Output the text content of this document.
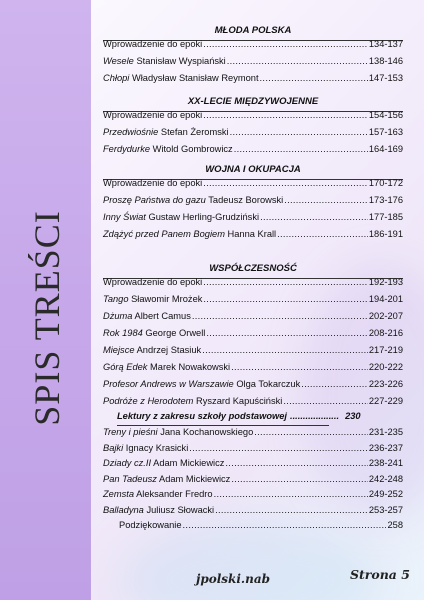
SPIS TREŚCI
MŁODA POLSKA
Wprowadzenie do epoki .....	134-137
Wesele Stanisław Wyspiański .....	138-146
Chłopi Władysław Stanisław Reymont .....	147-153
XX-LECIE MIĘDZYWOJENNE
Wprowadzenie do epoki .....	154-156
Przedwiośnie Stefan Żeromski .....	157-163
Ferdydurke Witold Gombrowicz .....	164-169
WOJNA I OKUPACJA
Wprowadzenie do epoki .....	170-172
Proszę Państwa do gazu Tadeusz Borowski .....	173-176
Inny Świat Gustaw Herling-Grudziński .....	177-185
Zdążyć przed Panem Bogiem Hanna Krall .....	186-191
WSPÓŁCZESNOŚĆ
Wprowadzenie do epoki .....	192-193
Tango Sławomir Mrożek .....	194-201
Dżuma Albert Camus .....	202-207
Rok 1984 George Orwell .....	208-216
Miejsce Andrzej Stasiuk .....	217-219
Górą Edek Marek Nowakowski .....	220-222
Profesor Andrews w Warszawie Olga Tokarczuk .....	223-226
Podróże z Herodotem Ryszard Kapuściński .....	227-229
Lektury z zakresu szkoły podstawowej ................... 230
Treny i pieśni Jana Kochanowskiego .....	231-235
Bajki Ignacy Krasicki .....	236-237
Dziady cz.II Adam Mickiewicz .....	238-241
Pan Tadeusz Adam Mickiewicz .....	242-248
Zemsta Aleksander Fredro .....	249-252
Balladyna Juliusz Słowacki .....	253-257
Podziękowanie .....	258
jpolski.nab	Strona 5
